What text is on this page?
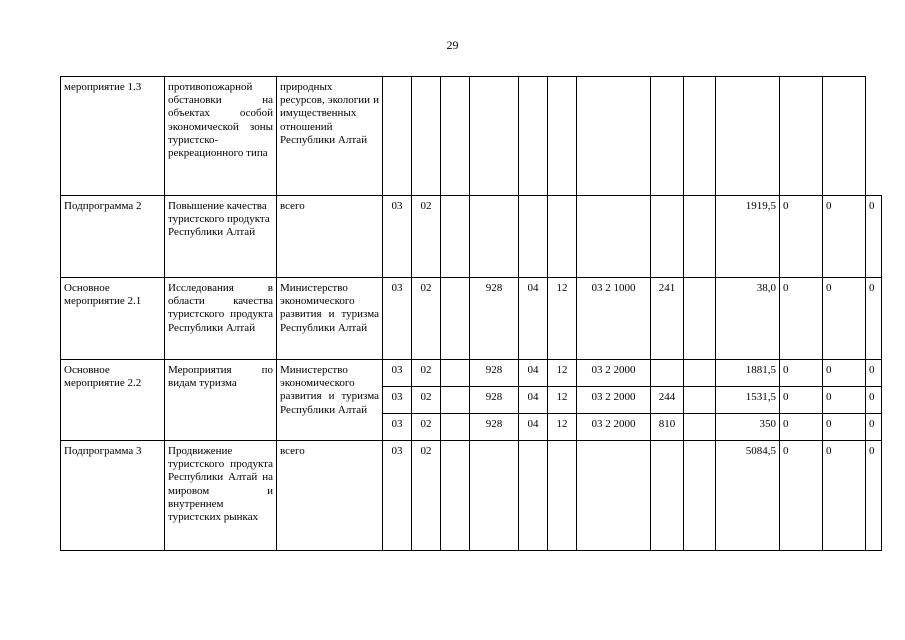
29
мероприятие 1.3	противопожарной обстановки на объектах особой экономической зоны туристско-рекреационного типа	природных ресурсов, экологии и имущественных отношений Республики Алтай													
Подпрограмма 2	Повышение качества туристского продукта Республики Алтай	всего	03	02								1919,5	0	0	0
Основное мероприятие 2.1	Исследования в области качества туристского продукта Республики Алтай	Министерство экономического развития и туризма Республики Алтай	03	02		928	04	12	03 2 1000	241		38,0	0	0	0
Основное мероприятие 2.2	Мероприятия по видам туризма	Министерство экономического развития и туризма Республики Алтай	03	02		928	04	12	03 2 2000			1881,5	0	0	0
			03	02		928	04	12	03 2 2000	244		1531,5	0	0	0
			03	02		928	04	12	03 2 2000	810		350	0	0	0
Подпрограмма 3	Продвижение туристского продукта Республики Алтай на мировом и внутреннем туристских рынках	всего	03	02								5084,5	0	0	0
